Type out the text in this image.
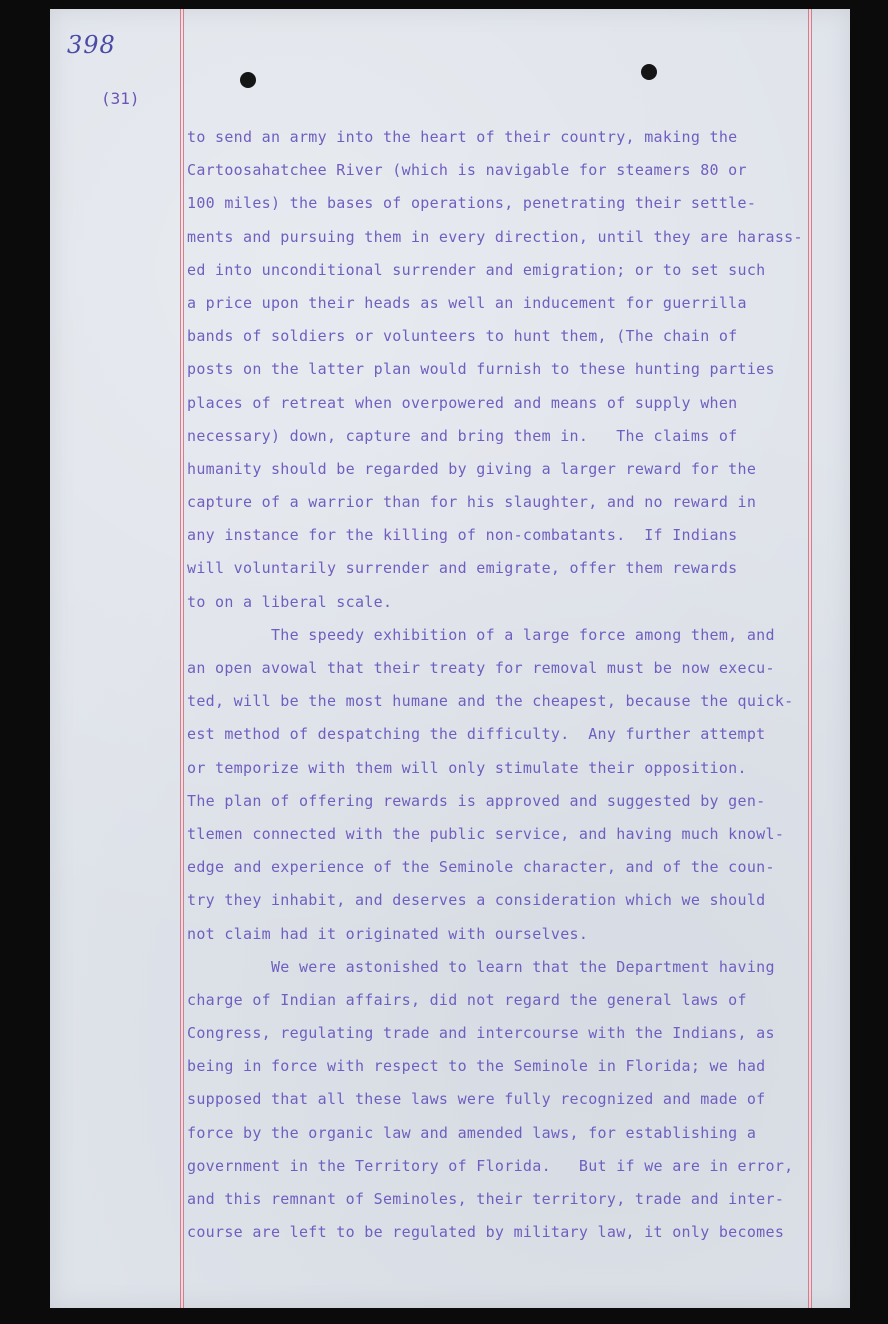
398
(31)
to send an army into the heart of their country, making the
Cartoosahatchee River (which is navigable for steamers 80 or
100 miles) the bases of operations, penetrating their settle-
ments and pursuing them in every direction, until they are harass-
ed into unconditional surrender and emigration; or to set such
a price upon their heads as well an inducement for guerrilla
bands of soldiers or volunteers to hunt them, (The chain of
posts on the latter plan would furnish to these hunting parties
places of retreat when overpowered and means of supply when
necessary) down, capture and bring them in.   The claims of
humanity should be regarded by giving a larger reward for the
capture of a warrior than for his slaughter, and no reward in
any instance for the killing of non-combatants.  If Indians
will voluntarily surrender and emigrate, offer them rewards
to on a liberal scale.
The speedy exhibition of a large force among them, and
an open avowal that their treaty for removal must be now execu-
ted, will be the most humane and the cheapest, because the quick-
est method of despatching the difficulty.  Any further attempt
or temporize with them will only stimulate their opposition.
The plan of offering rewards is approved and suggested by gen-
tlemen connected with the public service, and having much knowl-
edge and experience of the Seminole character, and of the coun-
try they inhabit, and deserves a consideration which we should
not claim had it originated with ourselves.
We were astonished to learn that the Department having
charge of Indian affairs, did not regard the general laws of
Congress, regulating trade and intercourse with the Indians, as
being in force with respect to the Seminole in Florida; we had
supposed that all these laws were fully recognized and made of
force by the organic law and amended laws, for establishing a
government in the Territory of Florida.   But if we are in error,
and this remnant of Seminoles, their territory, trade and inter-
course are left to be regulated by military law, it only becomes
